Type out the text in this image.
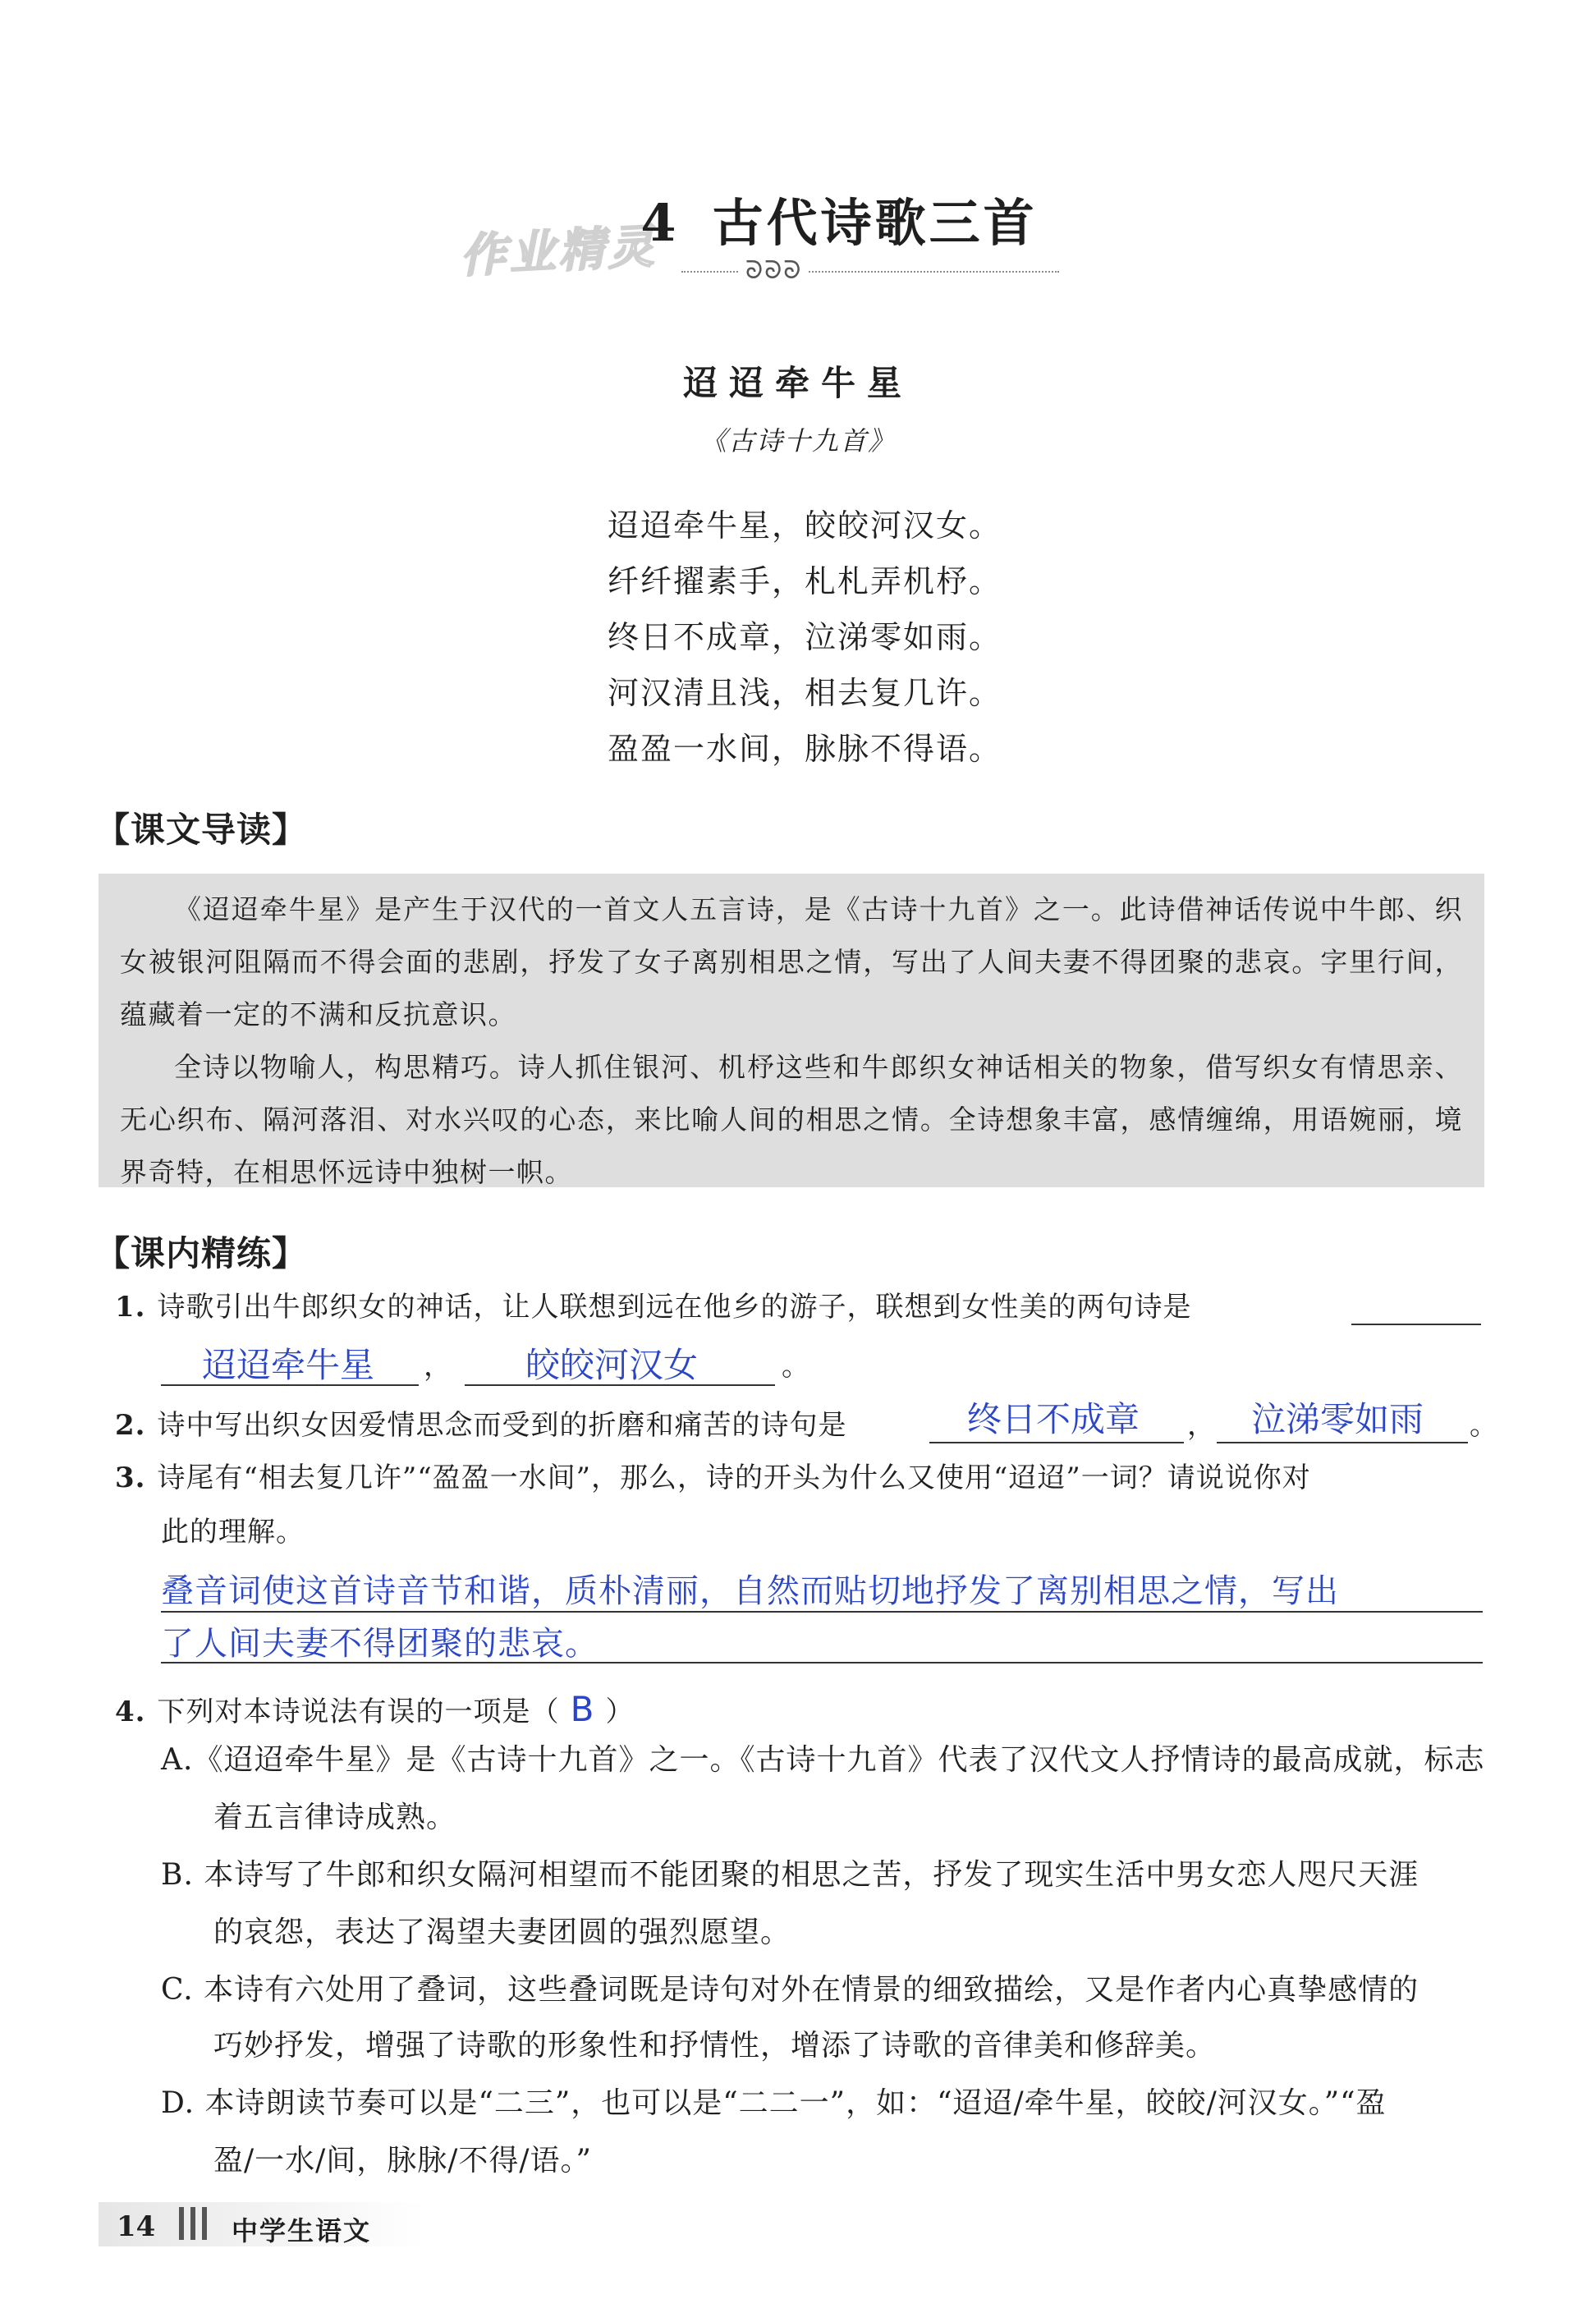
作业精灵
4 古代诗歌三首
ᘐᘐᘐ
迢迢牵牛星
《古诗十九首》
迢迢牵牛星，皎皎河汉女。
纤纤擢素手，札札弄机杼。
终日不成章，泣涕零如雨。
河汉清且浅，相去复几许。
盈盈一水间，脉脉不得语。
【课文导读】

《迢迢牵牛星》是产生于汉代的一首文人五言诗，是《古诗十九首》之一。此诗借神话传说中牛郎、织女被银河阻隔而不得会面的悲剧，抒发了女子离别相思之情，写出了人间夫妻不得团聚的悲哀。字里行间，蕴藏着一定的不满和反抗意识。

全诗以物喻人，构思精巧。诗人抓住银河、机杼这些和牛郎织女神话相关的物象，借写织女有情思亲、无心织布、隔河落泪、对水兴叹的心态，来比喻人间的相思之情。全诗想象丰富，感情缠绵，用语婉丽，境界奇特，在相思怀远诗中独树一帜。

【课内精练】
1. 诗歌引出牛郎织女的神话，让人联想到远在他乡的游子，联想到女性美的两句诗是
迢迢牵牛星 ， 皎皎河汉女	。
2. 诗中写出织女因爱情思念而受到的折磨和痛苦的诗句是	终日不成章 ， 泣涕零如雨 。
3. 诗尾有“相去复几许”“盈盈一水间”，那么，诗的开头为什么又使用“迢迢”一词？请说说你对
此的理解。
叠音词使这首诗音节和谐，质朴清丽，自然而贴切地抒发了离别相思之情，写出
了人间夫妻不得团聚的悲哀。
4. 下列对本诗说法有误的一项是（ B ）
A.《迢迢牵牛星》是《古诗十九首》之一。《古诗十九首》代表了汉代文人抒情诗的最高成就，标志
着五言律诗成熟。
B. 本诗写了牛郎和织女隔河相望而不能团聚的相思之苦，抒发了现实生活中男女恋人咫尺天涯
的哀怨，表达了渴望夫妻团圆的强烈愿望。
C. 本诗有六处用了叠词，这些叠词既是诗句对外在情景的细致描绘，又是作者内心真挚感情的
巧妙抒发，增强了诗歌的形象性和抒情性，增添了诗歌的音律美和修辞美。
D. 本诗朗读节奏可以是“二三”，也可以是“二二一”，如：“迢迢/牵牛星，皎皎/河汉女。”“盈
盈/一水/间，脉脉/不得/语。”
14	中学生语文
